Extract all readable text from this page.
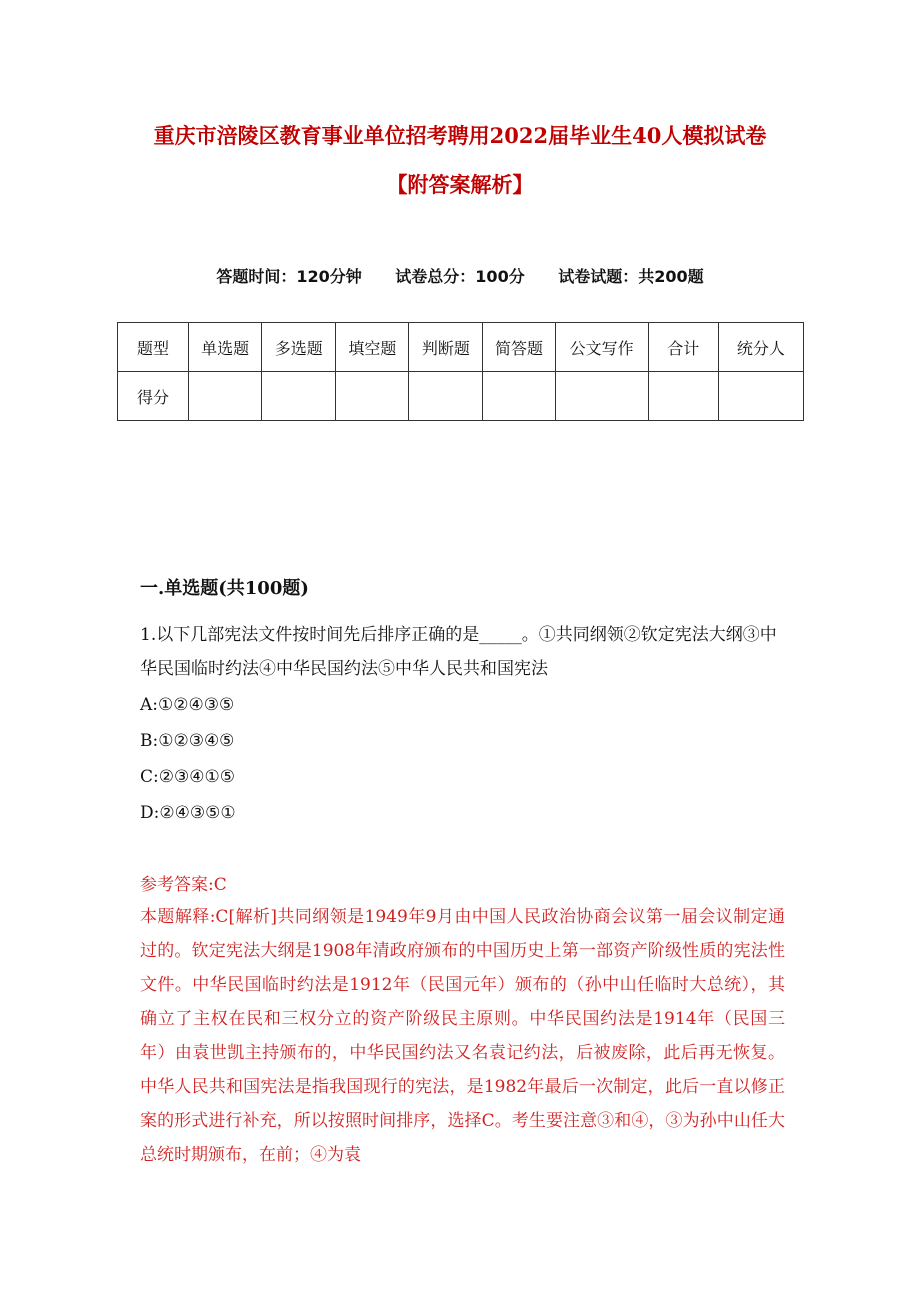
重庆市涪陵区教育事业单位招考聘用2022届毕业生40人模拟试卷
【附答案解析】
答题时间：120分钟 试卷总分：100分 试卷试题：共200题
题型	单选题	多选题	填空题	判断题	简答题	公文写作	合计	统分人
得分								
一.单选题(共100题)

1.以下几部宪法文件按时间先后排序正确的是_____。①共同纲领②钦定宪法大纲③中华民国临时约法④中华民国约法⑤中华人民共和国宪法

A:①②④③⑤

B:①②③④⑤

C:②③④①⑤

D:②④③⑤①

参考答案:C

本题解释:C[解析]共同纲领是1949年9月由中国人民政治协商会议第一届会议制定通过的。钦定宪法大纲是1908年清政府颁布的中国历史上第一部资产阶级性质的宪法性文件。中华民国临时约法是1912年（民国元年）颁布的（孙中山任临时大总统），其确立了主权在民和三权分立的资产阶级民主原则。中华民国约法是1914年（民国三年）由袁世凯主持颁布的，中华民国约法又名袁记约法，后被废除，此后再无恢复。中华人民共和国宪法是指我国现行的宪法，是1982年最后一次制定，此后一直以修正案的形式进行补充，所以按照时间排序，选择C。考生要注意③和④，③为孙中山任大总统时期颁布，在前；④为袁
